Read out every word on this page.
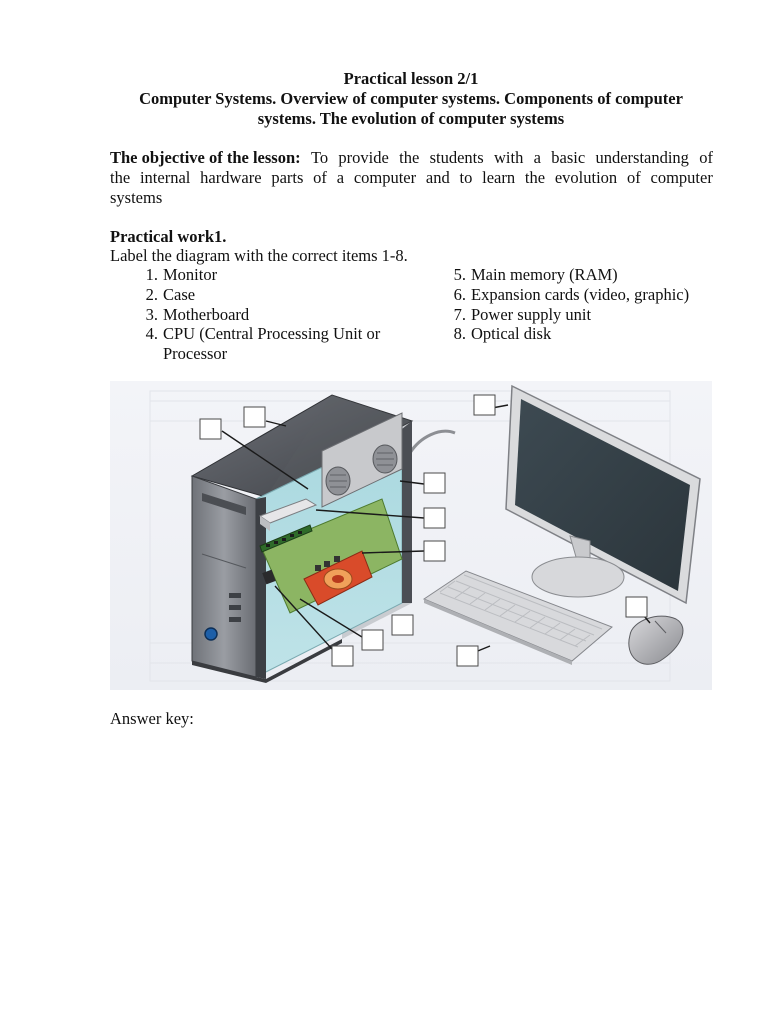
Practical lesson 2/1
Computer Systems. Overview of computer systems. Components of computer
systems. The evolution of computer systems
The objective of the lesson: To provide the students with a basic understanding of
the internal hardware parts of a computer and to learn the evolution of computer
systems
Practical work1.
Label the diagram with the correct items 1-8.
1. Monitor
2. Case
3. Motherboard
4. CPU (Central Processing Unit or
Processor
5. Main memory (RAM)
6. Expansion cards (video, graphic)
7. Power supply unit
8. Optical disk
Answer key:
